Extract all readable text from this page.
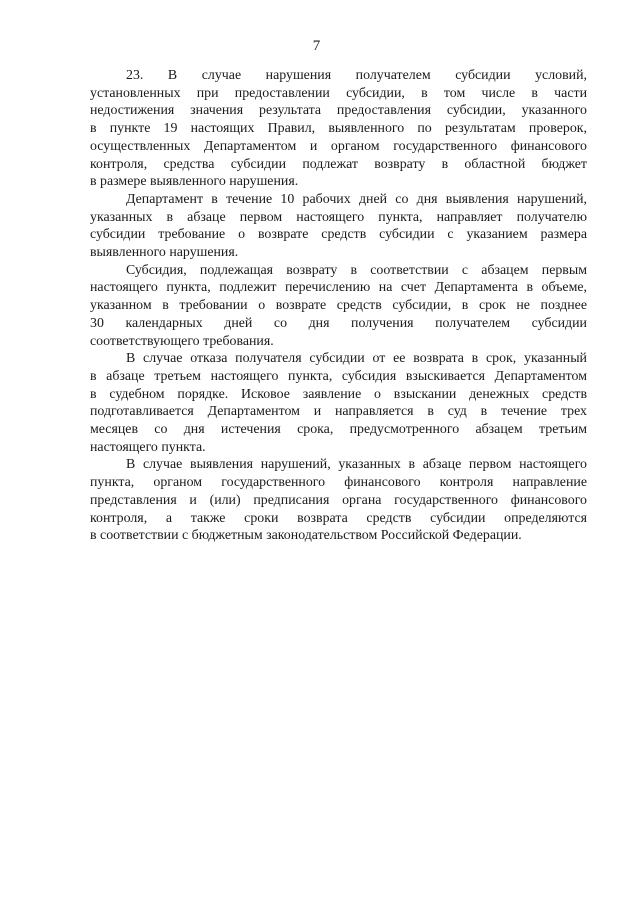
7
23. В случае нарушения получателем субсидии условий,
установленных при предоставлении субсидии, в том числе в части
недостижения значения результата предоставления субсидии, указанного
в пункте 19 настоящих Правил, выявленного по результатам проверок,
осуществленных Департаментом и органом государственного финансового
контроля, средства субсидии подлежат возврату в областной бюджет
в размере выявленного нарушения.
Департамент в течение 10 рабочих дней со дня выявления нарушений,
указанных в абзаце первом настоящего пункта, направляет получателю
субсидии требование о возврате средств субсидии с указанием размера
выявленного нарушения.
Субсидия, подлежащая возврату в соответствии с абзацем первым
настоящего пункта, подлежит перечислению на счет Департамента в объеме,
указанном в требовании о возврате средств субсидии, в срок не позднее
30 календарных дней со дня получения получателем субсидии
соответствующего требования.
В случае отказа получателя субсидии от ее возврата в срок, указанный
в абзаце третьем настоящего пункта, субсидия взыскивается Департаментом
в судебном порядке. Исковое заявление о взыскании денежных средств
подготавливается Департаментом и направляется в суд в течение трех
месяцев со дня истечения срока, предусмотренного абзацем третьим
настоящего пункта.
В случае выявления нарушений, указанных в абзаце первом настоящего
пункта, органом государственного финансового контроля направление
представления и (или) предписания органа государственного финансового
контроля, а также сроки возврата средств субсидии определяются
в соответствии с бюджетным законодательством Российской Федерации.
